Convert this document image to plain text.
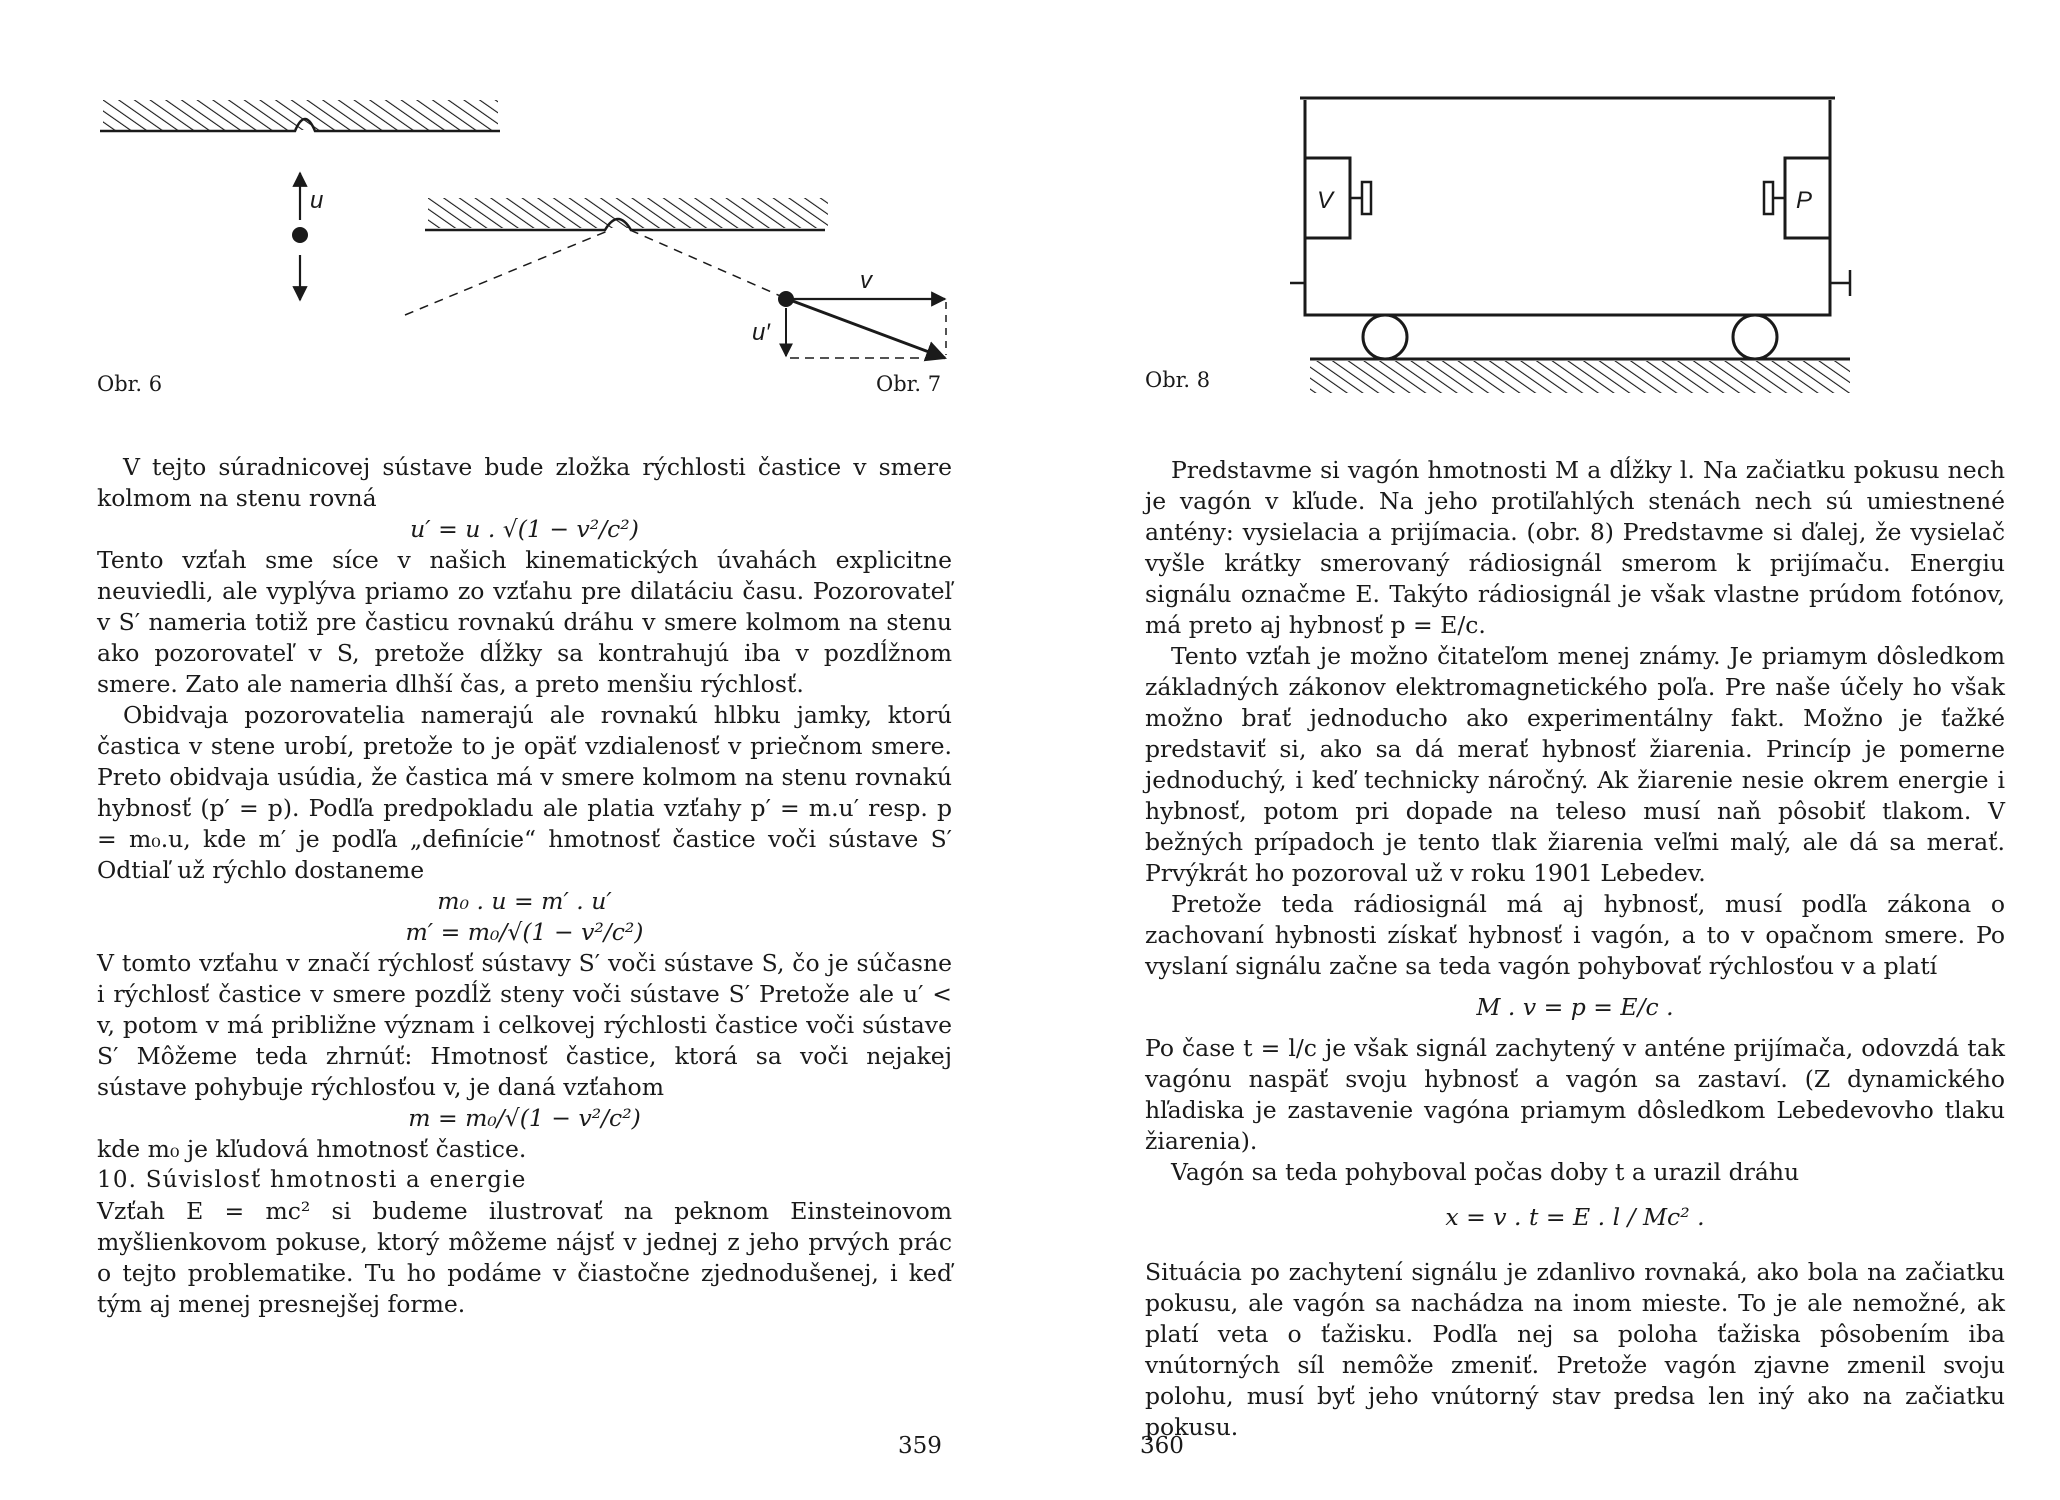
u
v
u′
Obr. 6	Obr. 7

V tejto súradnicovej sústave bude zložka rýchlosti častice v smere kolmom na stenu rovná

u′ = u . √(1 − v²/c²)

Tento vzťah sme síce v našich kinematických úvahách explicitne neuviedli, ale vyplýva priamo zo vzťahu pre dilatáciu času. Pozorovateľ v S′ nameria totiž pre časticu rovnakú dráhu v smere kolmom na stenu ako pozorovateľ v S, pretože dĺžky sa kontrahujú iba v pozdĺžnom smere. Zato ale nameria dlhší čas, a preto menšiu rýchlosť.

Obidvaja pozorovatelia namerajú ale rovnakú hlbku jamky, ktorú častica v stene urobí, pretože to je opäť vzdialenosť v priečnom smere. Preto obidvaja usúdia, že častica má v smere kolmom na stenu rovnakú hybnosť (p′ = p). Podľa predpokladu ale platia vzťahy p′ = m.u′ resp. p = m₀.u, kde m′ je podľa „definície“ hmotnosť častice voči sústave S′ Odtiaľ už rýchlo dostaneme

m₀ . u = m′ . u′

m′ = m₀/√(1 − v²/c²)

V tomto vzťahu v značí rýchlosť sústavy S′ voči sústave S, čo je súčasne i rýchlosť častice v smere pozdĺž steny voči sústave S′ Pretože ale u′ < v, potom v má približne význam i celkovej rýchlosti častice voči sústave S′ Môžeme teda zhrnúť: Hmotnosť častice, ktorá sa voči nejakej sústave pohybuje rýchlosťou v, je daná vzťahom

m = m₀/√(1 − v²/c²)

kde m₀ je kľudová hmotnosť častice.

10. Súvislosť hmotnosti a energie

Vzťah E = mc² si budeme ilustrovať na peknom Einsteinovom myšlienkovom pokuse, ktorý môžeme nájsť v jednej z jeho prvých prác o tejto problematike. Tu ho podáme v čiastočne zjednodušenej, i keď tým aj menej presnejšej forme.

359
V	P
Obr. 8

Predstavme si vagón hmotnosti M a dĺžky l. Na začiatku pokusu nech je vagón v kľude. Na jeho protiľahlých stenách nech sú umiestnené antény: vysielacia a prijímacia. (obr. 8) Predstavme si ďalej, že vysielač vyšle krátky smerovaný rádiosignál smerom k prijímaču. Energiu signálu označme E. Takýto rádiosignál je však vlastne prúdom fotónov, má preto aj hybnosť p = E/c.

Tento vzťah je možno čitateľom menej známy. Je priamym dôsledkom základných zákonov elektromagnetického poľa. Pre naše účely ho však možno brať jednoducho ako experimentálny fakt. Možno je ťažké predstaviť si, ako sa dá merať hybnosť žiarenia. Princíp je pomerne jednoduchý, i keď technicky náročný. Ak žiarenie nesie okrem energie i hybnosť, potom pri dopade na teleso musí naň pôsobiť tlakom. V bežných prípadoch je tento tlak žiarenia veľmi malý, ale dá sa merať. Prvýkrát ho pozoroval už v roku 1901 Lebedev.

Pretože teda rádiosignál má aj hybnosť, musí podľa zákona o zachovaní hybnosti získať hybnosť i vagón, a to v opačnom smere. Po vyslaní signálu začne sa teda vagón pohybovať rýchlosťou v a platí

M . v = p = E/c .

Po čase t = l/c je však signál zachytený v anténe prijímača, odovzdá tak vagónu naspäť svoju hybnosť a vagón sa zastaví. (Z dynamického hľadiska je zastavenie vagóna priamym dôsledkom Lebedevovho tlaku žiarenia).

Vagón sa teda pohyboval počas doby t a urazil dráhu

x = v . t = E . l / Mc² .

Situácia po zachytení signálu je zdanlivo rovnaká, ako bola na začiatku pokusu, ale vagón sa nachádza na inom mieste. To je ale nemožné, ak platí veta o ťažisku. Podľa nej sa poloha ťažiska pôsobením iba vnútorných síl nemôže zmeniť. Pretože vagón zjavne zmenil svoju polohu, musí byť jeho vnútorný stav predsa len iný ako na začiatku pokusu.

360
